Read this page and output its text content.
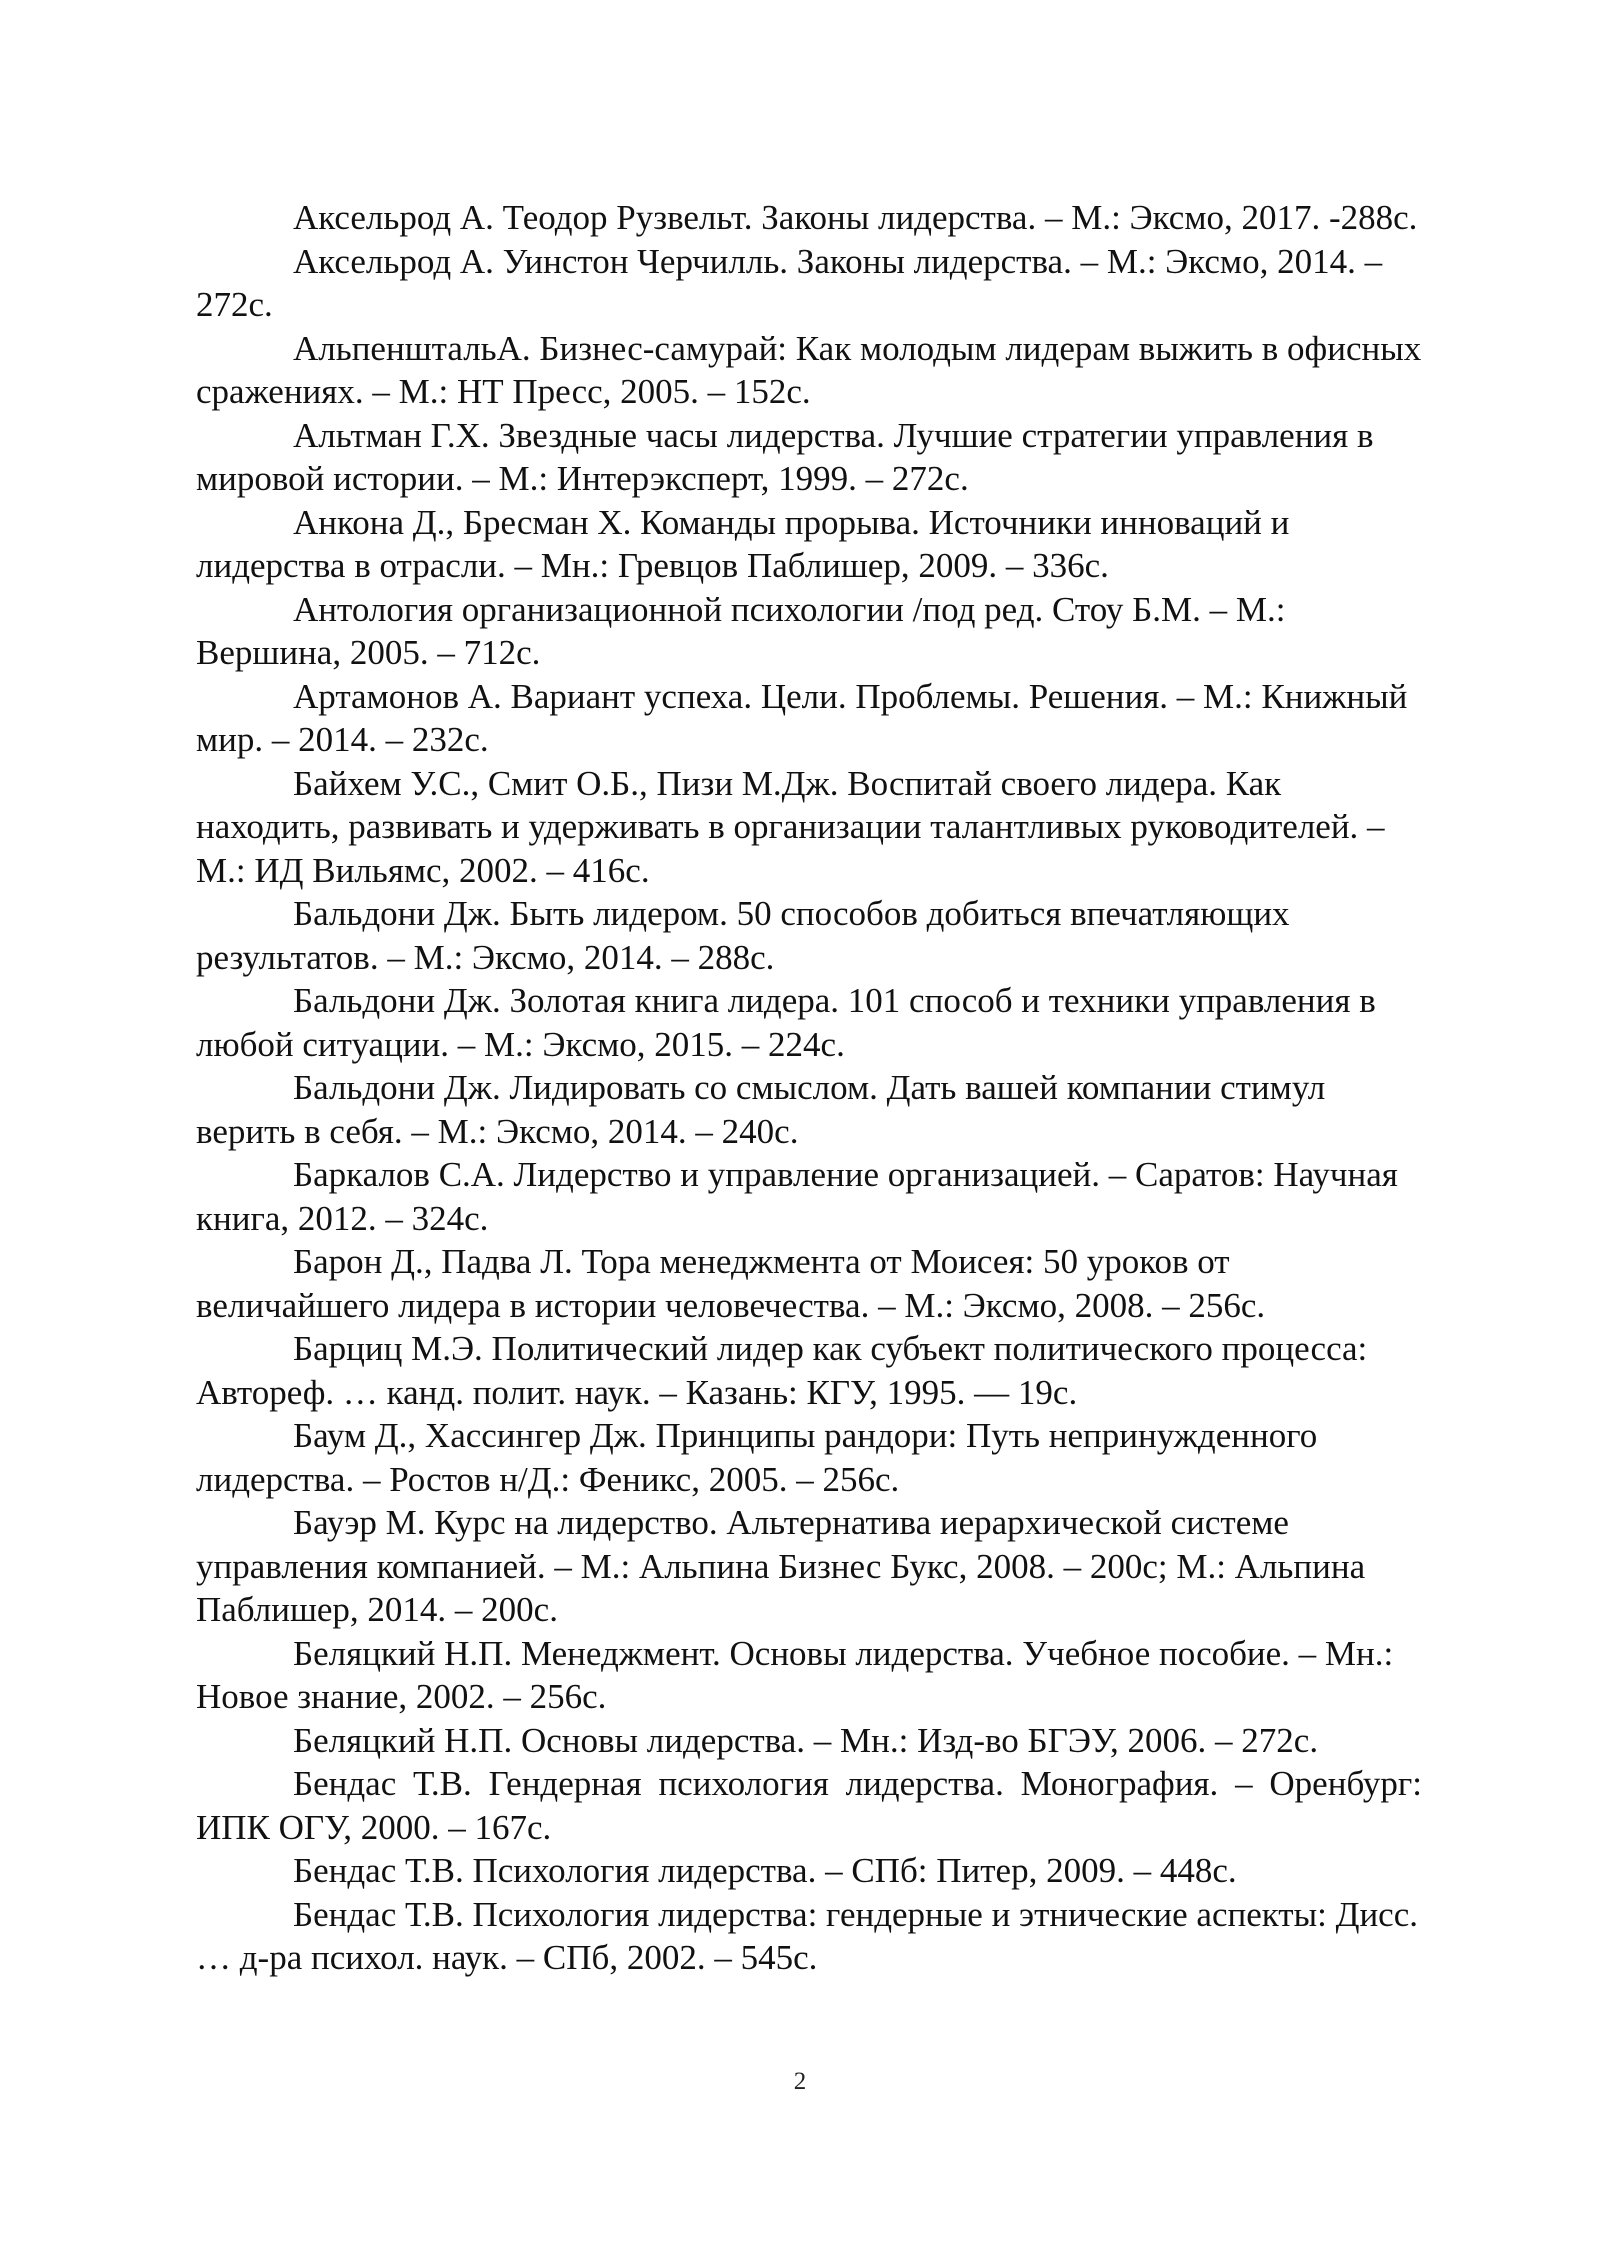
Аксельрод А. Теодор Рузвельт. Законы лидерства. – М.: Эксмо, 2017. -288с.
Аксельрод А. Уинстон Черчилль. Законы лидерства. – М.: Эксмо, 2014. – 272с.
АльпенштальА. Бизнес-самурай: Как молодым лидерам выжить в офисных сражениях. – М.: НТ Пресс, 2005. – 152с.
Альтман Г.Х. Звездные часы лидерства. Лучшие стратегии управления в мировой истории. – М.: Интерэксперт, 1999. – 272с.
Анкона Д., Бресман Х. Команды прорыва. Источники инноваций и лидерства в отрасли. – Мн.: Гревцов Паблишер, 2009. – 336с.
Антология организационной психологии /под ред. Стоу Б.М. – М.: Вершина, 2005. – 712с.
Артамонов А. Вариант успеха. Цели. Проблемы. Решения. – М.: Книжный мир. – 2014. – 232с.
Байхем У.С., Смит О.Б., Пизи М.Дж. Воспитай своего лидера. Как находить, развивать и удерживать в организации талантливых руководителей. – М.: ИД Вильямс, 2002. – 416с.
Бальдони Дж. Быть лидером. 50 способов добиться впечатляющих результатов. – М.: Эксмо, 2014. – 288с.
Бальдони Дж. Золотая книга лидера. 101 способ и техники управления в любой ситуации. – М.: Эксмо, 2015. – 224с.
Бальдони Дж. Лидировать со смыслом. Дать вашей компании стимул верить в себя. – М.: Эксмо, 2014. – 240с.
Баркалов С.А. Лидерство и управление организацией. – Саратов: Научная книга, 2012. – 324с.
Барон Д., Падва Л. Тора менеджмента от Моисея: 50 уроков от величайшего лидера в истории человечества. – М.: Эксмо, 2008. – 256с.
Барциц М.Э. Политический лидер как субъект политического процесса: Автореф. … канд. полит. наук. – Казань: КГУ, 1995. — 19с.
Баум Д., Хассингер Дж. Принципы рандори: Путь непринужденного лидерства. – Ростов н/Д.: Феникс, 2005. – 256с.
Бауэр М. Курс на лидерство. Альтернатива иерархической системе управления компанией. – М.: Альпина Бизнес Букс, 2008. – 200с; М.: Альпина Паблишер, 2014. – 200с.
Беляцкий Н.П. Менеджмент. Основы лидерства. Учебное пособие. – Мн.: Новое знание, 2002. – 256с.
Беляцкий Н.П. Основы лидерства. – Мн.: Изд-во БГЭУ, 2006. – 272с.
Бендас Т.В. Гендерная психология лидерства. Монография. – Оренбург: ИПК ОГУ, 2000. – 167с.
Бендас Т.В. Психология лидерства. – СПб: Питер, 2009. – 448с.
Бендас Т.В. Психология лидерства: гендерные и этнические аспекты: Дисс. … д-ра психол. наук. – СПб, 2002. – 545с.
2
